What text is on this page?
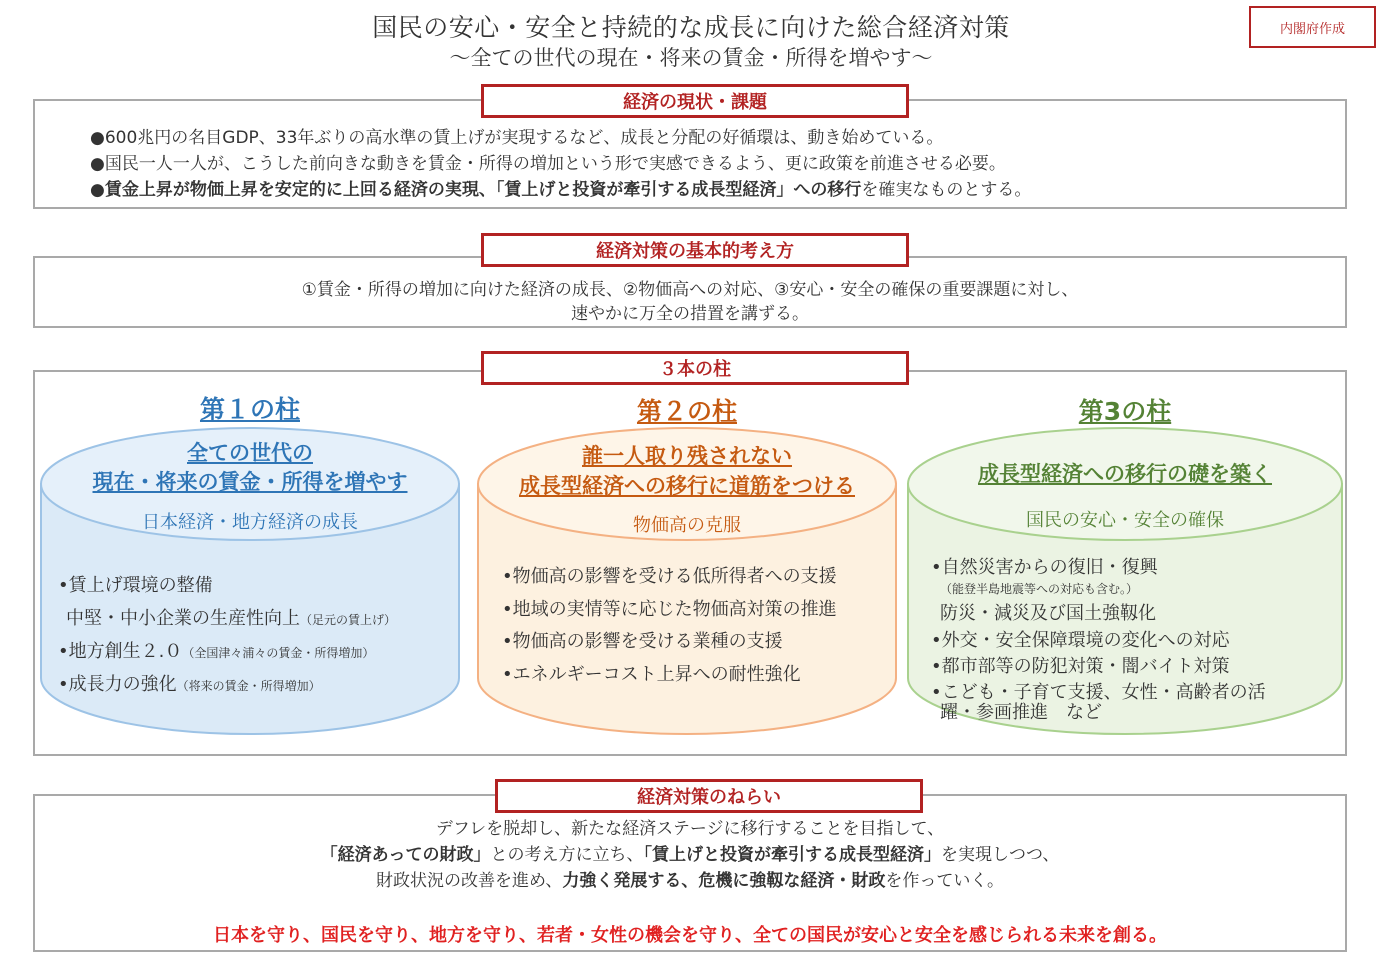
国民の安心・安全と持続的な成長に向けた総合経済対策
～全ての世代の現在・将来の賃金・所得を増やす～
内閣府作成
経済の現状・課題
●600兆円の名目GDP、33年ぶりの高水準の賃上げが実現するなど、成長と分配の好循環は、動き始めている。
●国民一人一人が、こうした前向きな動きを賃金・所得の増加という形で実感できるよう、更に政策を前進させる必要。
●賃金上昇が物価上昇を安定的に上回る経済の実現、「賃上げと投資が牽引する成長型経済」への移行を確実なものとする。
経済対策の基本的考え方
①賃金・所得の増加に向けた経済の成長、②物価高への対応、③安心・安全の確保の重要課題に対し、
速やかに万全の措置を講ずる。
３本の柱
第１の柱
全ての世代の
現在・将来の賃金・所得を増やす
日本経済・地方経済の成長
•賃上げ環境の整備
中堅・中小企業の生産性向上（足元の賃上げ）
•地方創生２.０（全国津々浦々の賃金・所得増加）
•成長力の強化（将来の賃金・所得増加）
第２の柱
誰一人取り残されない
成長型経済への移行に道筋をつける
物価高の克服
•物価高の影響を受ける低所得者への支援
•地域の実情等に応じた物価高対策の推進
•物価高の影響を受ける業種の支援
•エネルギーコスト上昇への耐性強化
第3の柱
成長型経済への移行の礎を築く
国民の安心・安全の確保
•自然災害からの復旧・復興
（能登半島地震等への対応も含む。）
防災・減災及び国土強靱化
•外交・安全保障環境の変化への対応
•都市部等の防犯対策・闇バイト対策
•こども・子育て支援、女性・高齢者の活
躍・参画推進　など
経済対策のねらい
デフレを脱却し、新たな経済ステージに移行することを目指して、
「経済あっての財政」との考え方に立ち、「賃上げと投資が牽引する成長型経済」を実現しつつ、
財政状況の改善を進め、力強く発展する、危機に強靱な経済・財政を作っていく。
日本を守り、国民を守り、地方を守り、若者・女性の機会を守り、全ての国民が安心と安全を感じられる未来を創る。
